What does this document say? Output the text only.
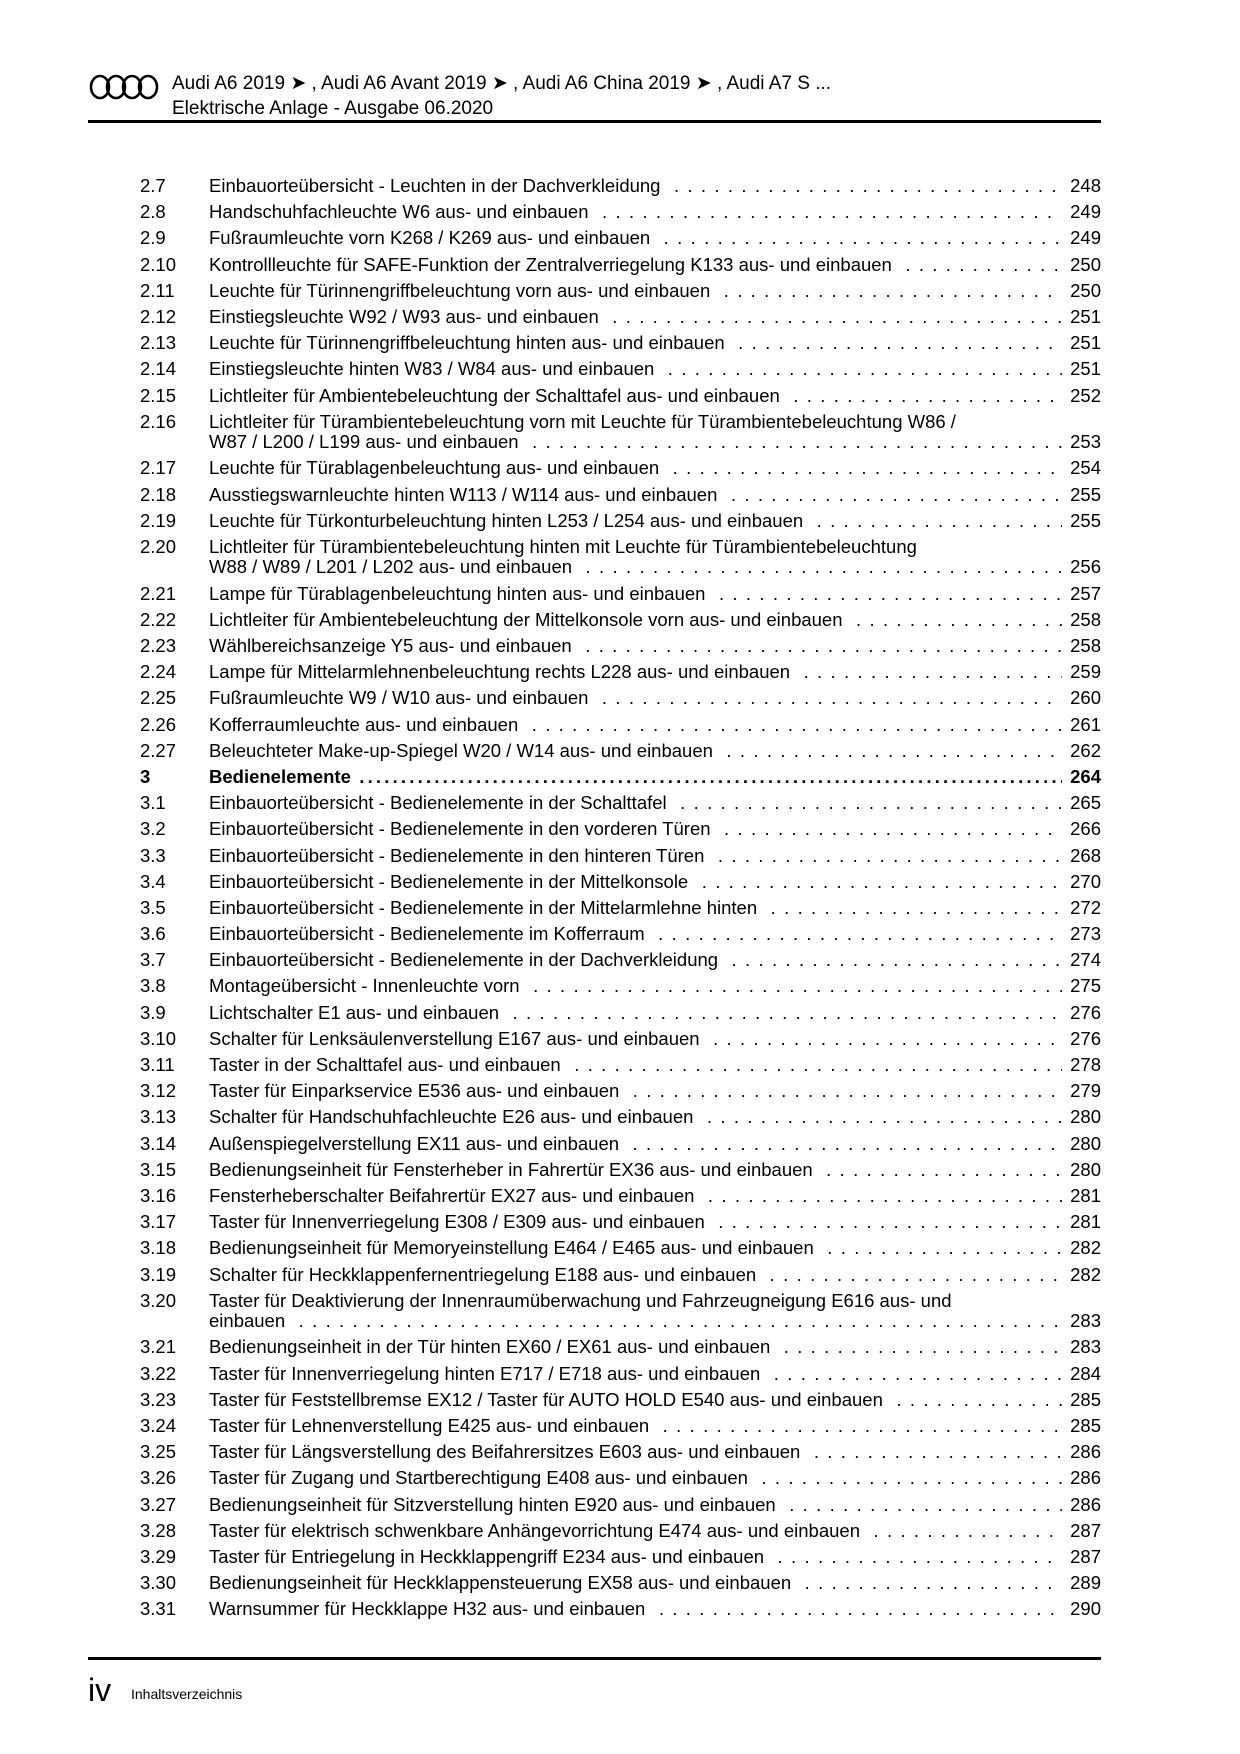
Audi A6 2019 ➤ , Audi A6 Avant 2019 ➤ , Audi A6 China 2019 ➤ , Audi A7 S ...
Elektrische Anlage - Ausgabe 06.2020
2.7 Einbauorteübersicht - Leuchten in der Dachverkleidung . . .	248
2.8 Handschuhfachleuchte W6 aus- und einbauen . . .	249
2.9 Fußraumleuchte vorn K268 / K269 aus- und einbauen . . .	249
2.10 Kontrollleuchte für SAFE-Funktion der Zentralverriegelung K133 aus- und einbauen . . .	250
2.11 Leuchte für Türinnengriffbeleuchtung vorn aus- und einbauen . . .	250
2.12 Einstiegsleuchte W92 / W93 aus- und einbauen . . .	251
2.13 Leuchte für Türinnengriffbeleuchtung hinten aus- und einbauen . . .	251
2.14 Einstiegsleuchte hinten W83 / W84 aus- und einbauen . . .	251
2.15 Lichtleiter für Ambientebeleuchtung der Schalttafel aus- und einbauen . . .	252
2.16 Lichtleiter für Türambientebeleuchtung vorn mit Leuchte für Türambientebeleuchtung W86 /
W87 / L200 / L199 aus- und einbauen . . .	253
2.17 Leuchte für Türablagenbeleuchtung aus- und einbauen . . .	254
2.18 Ausstiegswarnleuchte hinten W113 / W114 aus- und einbauen . . .	255
2.19 Leuchte für Türkonturbeleuchtung hinten L253 / L254 aus- und einbauen . . .	255
2.20 Lichtleiter für Türambientebeleuchtung hinten mit Leuchte für Türambientebeleuchtung
W88 / W89 / L201 / L202 aus- und einbauen . . .	256
2.21 Lampe für Türablagenbeleuchtung hinten aus- und einbauen . . .	257
2.22 Lichtleiter für Ambientebeleuchtung der Mittelkonsole vorn aus- und einbauen . . .	258
2.23 Wählbereichsanzeige Y5 aus- und einbauen . . .	258
2.24 Lampe für Mittelarmlehnenbeleuchtung rechts L228 aus- und einbauen . . .	259
2.25 Fußraumleuchte W9 / W10 aus- und einbauen . . .	260
2.26 Kofferraumleuchte aus- und einbauen . . .	261
2.27 Beleuchteter Make-up-Spiegel W20 / W14 aus- und einbauen . . .	262
3	Bedienelemente .....	264
3.1 Einbauorteübersicht - Bedienelemente in der Schalttafel . . .	265
3.2 Einbauorteübersicht - Bedienelemente in den vorderen Türen . . .	266
3.3 Einbauorteübersicht - Bedienelemente in den hinteren Türen . . .	268
3.4 Einbauorteübersicht - Bedienelemente in der Mittelkonsole . . .	270
3.5 Einbauorteübersicht - Bedienelemente in der Mittelarmlehne hinten . . .	272
3.6 Einbauorteübersicht - Bedienelemente im Kofferraum . . .	273
3.7 Einbauorteübersicht - Bedienelemente in der Dachverkleidung . . .	274
3.8 Montageübersicht - Innenleuchte vorn . . .	275
3.9 Lichtschalter E1 aus- und einbauen . . .	276
3.10 Schalter für Lenksäulenverstellung E167 aus- und einbauen . . .	276
3.11 Taster in der Schalttafel aus- und einbauen . . .	278
3.12 Taster für Einparkservice E536 aus- und einbauen . . .	279
3.13 Schalter für Handschuhfachleuchte E26 aus- und einbauen . . .	280
3.14 Außenspiegelverstellung EX11 aus- und einbauen . . .	280
3.15 Bedienungseinheit für Fensterheber in Fahrertür EX36 aus- und einbauen . . .	280
3.16 Fensterheberschalter Beifahrertür EX27 aus- und einbauen . . .	281
3.17 Taster für Innenverriegelung E308 / E309 aus- und einbauen . . .	281
3.18 Bedienungseinheit für Memoryeinstellung E464 / E465 aus- und einbauen . . .	282
3.19 Schalter für Heckklappenfernentriegelung E188 aus- und einbauen . . .	282
3.20 Taster für Deaktivierung der Innenraumüberwachung und Fahrzeugneigung E616 aus- und
einbauen . . .	283
3.21 Bedienungseinheit in der Tür hinten EX60 / EX61 aus- und einbauen . . .	283
3.22 Taster für Innenverriegelung hinten E717 / E718 aus- und einbauen . . .	284
3.23 Taster für Feststellbremse EX12 / Taster für AUTO HOLD E540 aus- und einbauen . . .	285
3.24 Taster für Lehnenverstellung E425 aus- und einbauen . . .	285
3.25 Taster für Längsverstellung des Beifahrersitzes E603 aus- und einbauen . . .	286
3.26 Taster für Zugang und Startberechtigung E408 aus- und einbauen . . .	286
3.27 Bedienungseinheit für Sitzverstellung hinten E920 aus- und einbauen . . .	286
3.28 Taster für elektrisch schwenkbare Anhängevorrichtung E474 aus- und einbauen . . .	287
3.29 Taster für Entriegelung in Heckklappengriff E234 aus- und einbauen . . .	287
3.30 Bedienungseinheit für Heckklappensteuerung EX58 aus- und einbauen . . .	289
3.31 Warnsummer für Heckklappe H32 aus- und einbauen . . .	290
iv Inhaltsverzeichnis
